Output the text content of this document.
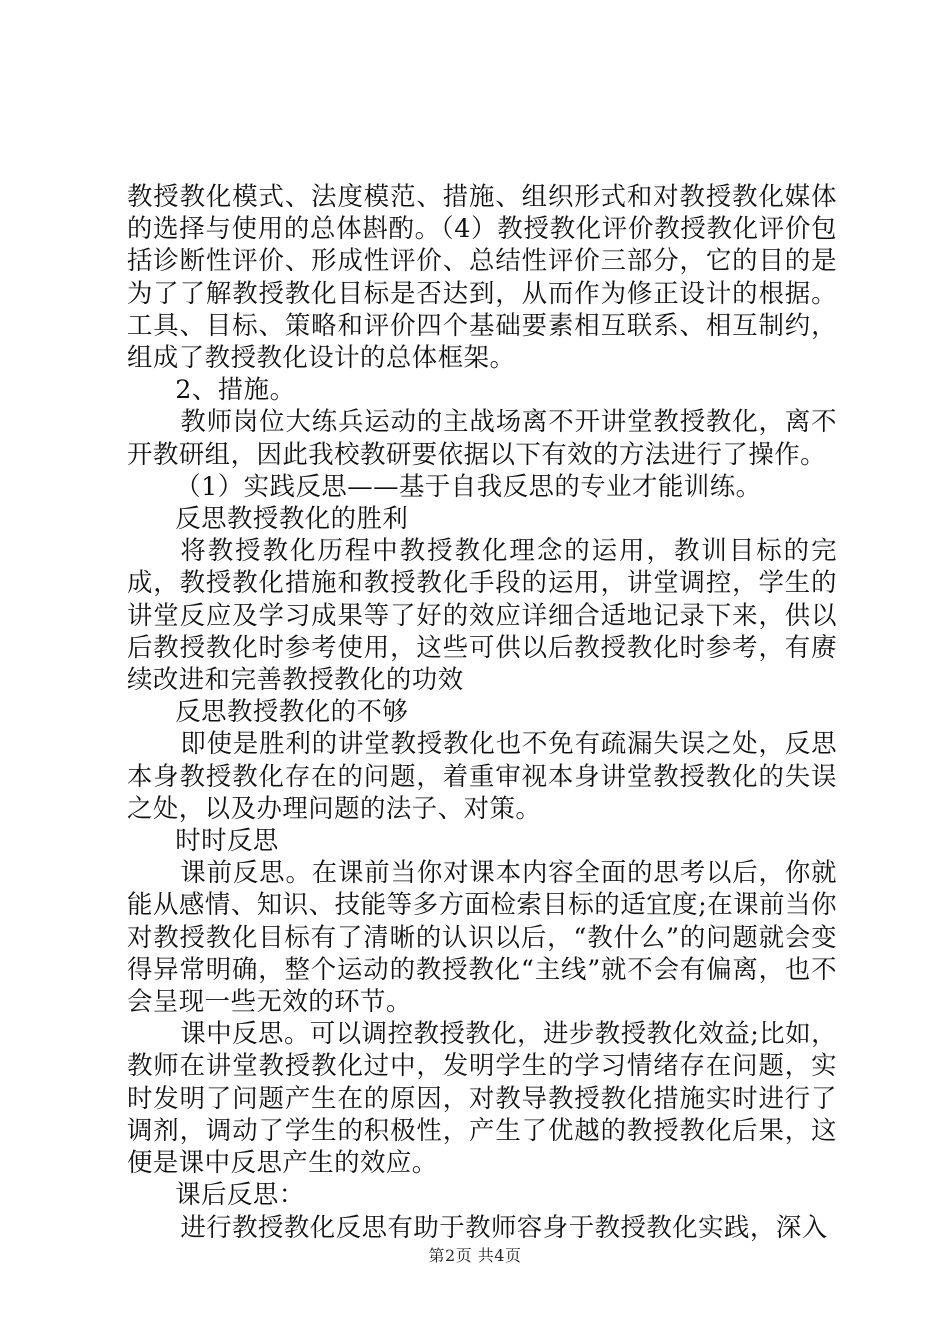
教授教化模式、法度模范、措施、组织形式和对教授教化媒体的选择与使用的总体斟酌。（4）教授教化评价教授教化评价包括诊断性评价、形成性评价、总结性评价三部分，它的目的是为了了解教授教化目标是否达到，从而作为修正设计的根据。工具、目标、策略和评价四个基础要素相互联系、相互制约，组成了教授教化设计的总体框架。

2、措施。

教师岗位大练兵运动的主战场离不开讲堂教授教化，离不开教研组，因此我校教研要依据以下有效的方法进行了操作。

（1）实践反思——基于自我反思的专业才能训练。

反思教授教化的胜利

将教授教化历程中教授教化理念的运用，教训目标的完成，教授教化措施和教授教化手段的运用，讲堂调控，学生的讲堂反应及学习成果等了好的效应详细合适地记录下来，供以后教授教化时参考使用，这些可供以后教授教化时参考，有赓续改进和完善教授教化的功效

反思教授教化的不够

即使是胜利的讲堂教授教化也不免有疏漏失误之处，反思本身教授教化存在的问题，着重审视本身讲堂教授教化的失误之处，以及办理问题的法子、对策。

时时反思

课前反思。在课前当你对课本内容全面的思考以后，你就能从感情、知识、技能等多方面检索目标的适宜度;在课前当你对教授教化目标有了清晰的认识以后，“教什么”的问题就会变得异常明确，整个运动的教授教化“主线”就不会有偏离，也不会呈现一些无效的环节。

课中反思。可以调控教授教化，进步教授教化效益;比如，教师在讲堂教授教化过中，发明学生的学习情绪存在问题，实时发明了问题产生在的原因，对教导教授教化措施实时进行了调剂，调动了学生的积极性，产生了优越的教授教化后果，这便是课中反思产生的效应。

课后反思：

进行教授教化反思有助于教师容身于教授教化实践，深入

第2页 共4页
